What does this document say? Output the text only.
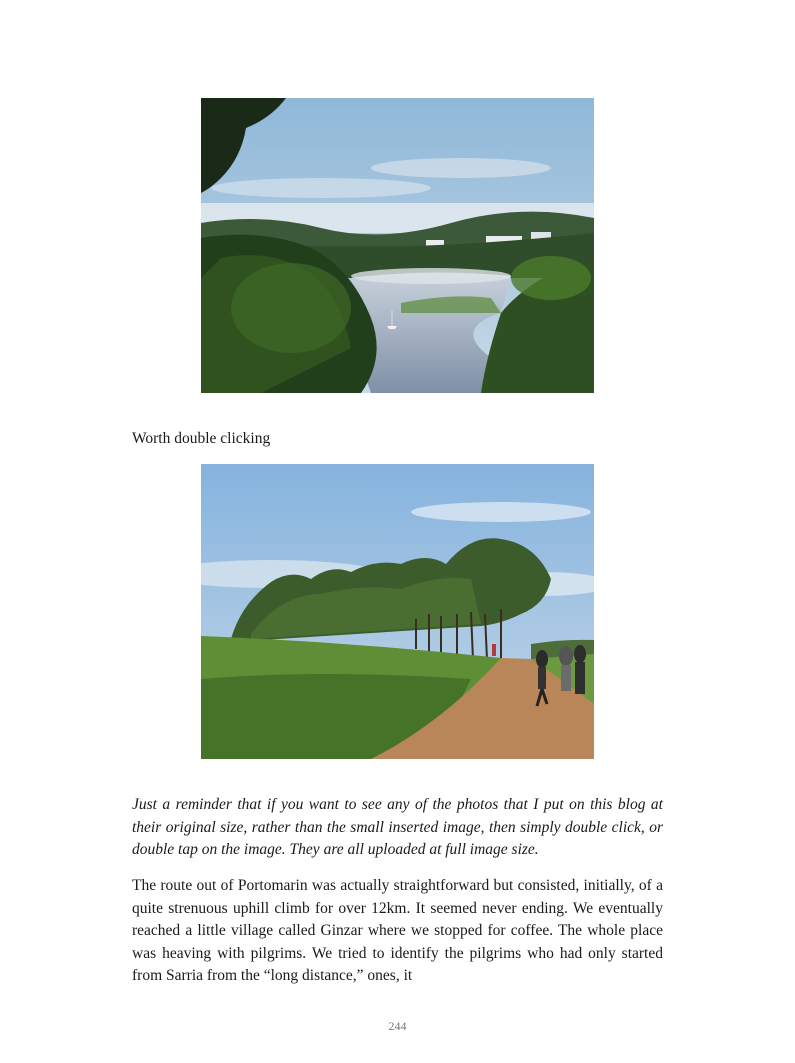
Worth double clicking

Just a reminder that if you want to see any of the photos that I put on this blog at their original size, rather than the small inserted image, then simply double click, or double tap on the image. They are all uploaded at full image size.

The route out of Portomarin was actually straightforward but consisted, initially, of a quite strenuous uphill climb for over 12km. It seemed never ending. We eventually reached a little village called Ginzar where we stopped for coffee. The whole place was heaving with pilgrims. We tried to identify the pilgrims who had only started from Sarria from the “long distance,” ones, it

244
